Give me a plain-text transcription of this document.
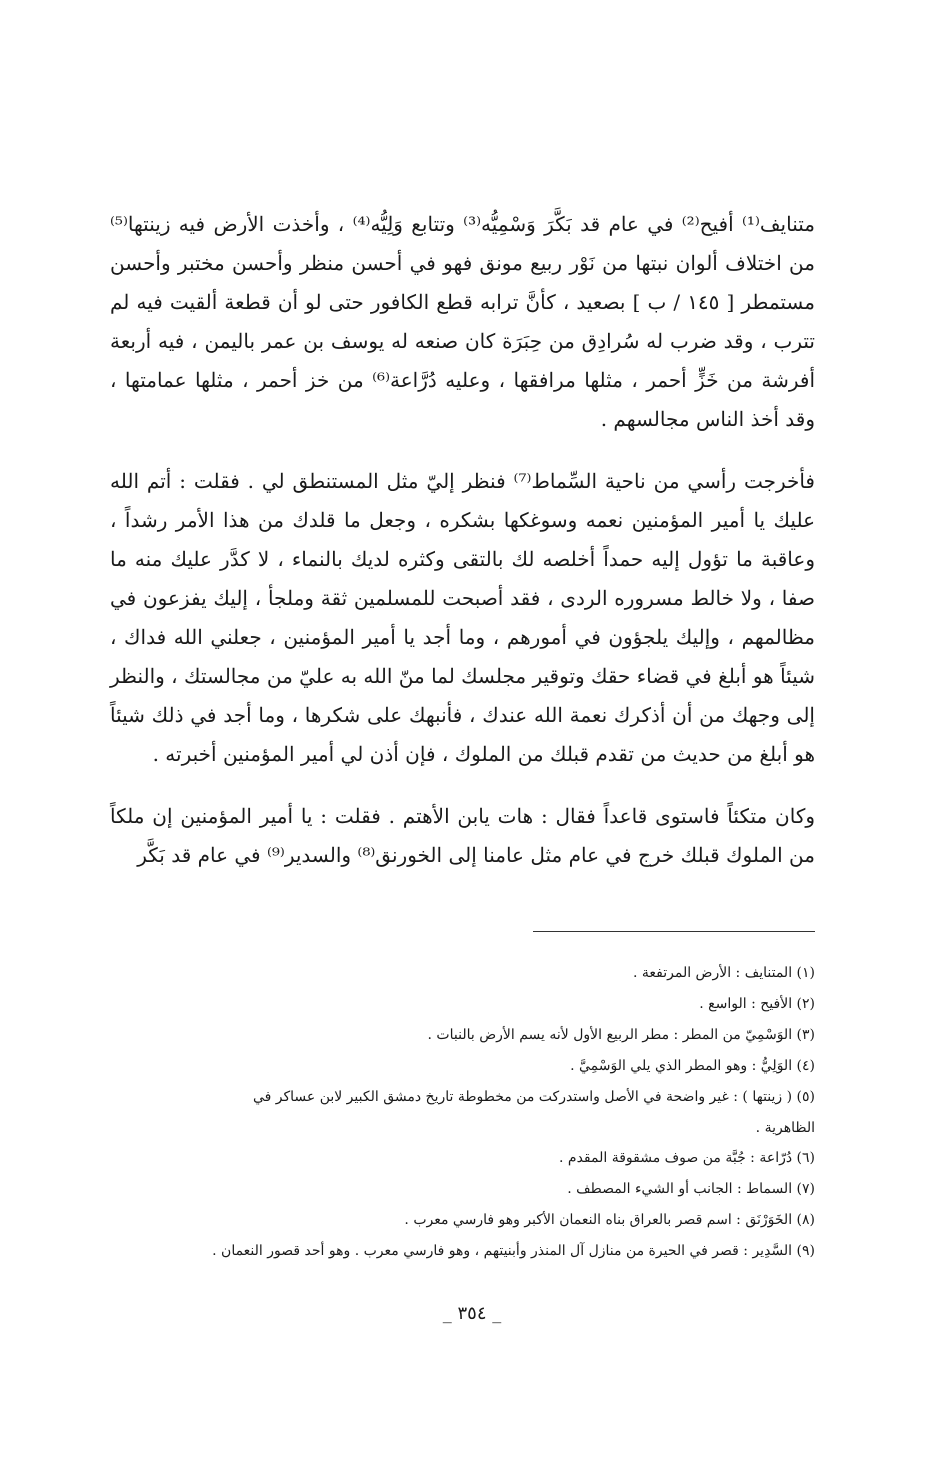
متنايف⁽¹⁾ أفيح⁽²⁾ في عام قد بَكَّرَ وَسْمِيُّه⁽³⁾ وتتابع وَلِيُّه⁽⁴⁾ ، وأخذت الأرض فيه زينتها⁽⁵⁾ من اختلاف ألوان نبتها من نَوْر ربيع مونق فهو في أحسن منظر وأحسن مختبر وأحسن مستمطر [ ١٤٥ / ب ] بصعيد ، كأنَّ ترابه قطع الكافور حتى لو أن قطعة ألقيت فيه لم تترب ، وقد ضرب له سُرادِق من حِبَرَة كان صنعه له يوسف بن عمر باليمن ، فيه أربعة أفرشة من خَزٍّ أحمر ، مثلها مرافقها ، وعليه دُرَّاعة⁽⁶⁾ من خز أحمر ، مثلها عمامتها ، وقد أخذ الناس مجالسهم .

فأخرجت رأسي من ناحية السِّماط⁽⁷⁾ فنظر إليّ مثل المستنطق لي . فقلت : أتم الله عليك يا أمير المؤمنين نعمه وسوغكها بشكره ، وجعل ما قلدك من هذا الأمر رشداً ، وعاقبة ما تؤول إليه حمداً أخلصه لك بالتقى وكثره لديك بالنماء ، لا كدَّر عليك منه ما صفا ، ولا خالط مسروره الردى ، فقد أصبحت للمسلمين ثقة وملجأ ، إليك يفزعون في مظالمهم ، وإليك يلجؤون في أمورهم ، وما أجد يا أمير المؤمنين ، جعلني الله فداك ، شيئاً هو أبلغ في قضاء حقك وتوقير مجلسك لما منّ الله به عليّ من مجالستك ، والنظر إلى وجهك من أن أذكرك نعمة الله عندك ، فأنبهك على شكرها ، وما أجد في ذلك شيئاً هو أبلغ من حديث من تقدم قبلك من الملوك ، فإن أذن لي أمير المؤمنين أخبرته .

وكان متكئاً فاستوى قاعداً فقال : هات يابن الأهتم . فقلت : يا أمير المؤمنين إن ملكاً من الملوك قبلك خرج في عام مثل عامنا إلى الخورنق⁽⁸⁾ والسدير⁽⁹⁾ في عام قد بَكَّر

(١) المتنايف : الأرض المرتفعة .

(٢) الأفيح : الواسع .

(٣) الوَسْمِيّ من المطر : مطر الربيع الأول لأنه يسم الأرض بالنبات .

(٤) الوَلِيُّ : وهو المطر الذي يلي الوَسْمِيَّ .

(٥) ( زينتها ) : غير واضحة في الأصل واستدركت من مخطوطة تاريخ دمشق الكبير لابن عساكر في

الظاهرية .

(٦) دُرّاعة : جُبَّة من صوف مشقوقة المقدم .

(٧) السماط : الجانب أو الشيء المصطف .

(٨) الخَوَرْنَق : اسم قصر بالعراق بناه النعمان الأكبر وهو فارسي معرب .

(٩) السَّدِير : قصر في الحيرة من منازل آل المنذر وأبنيتهم ، وهو فارسي معرب . وهو أحد قصور النعمان .

_ ٣٥٤ _
